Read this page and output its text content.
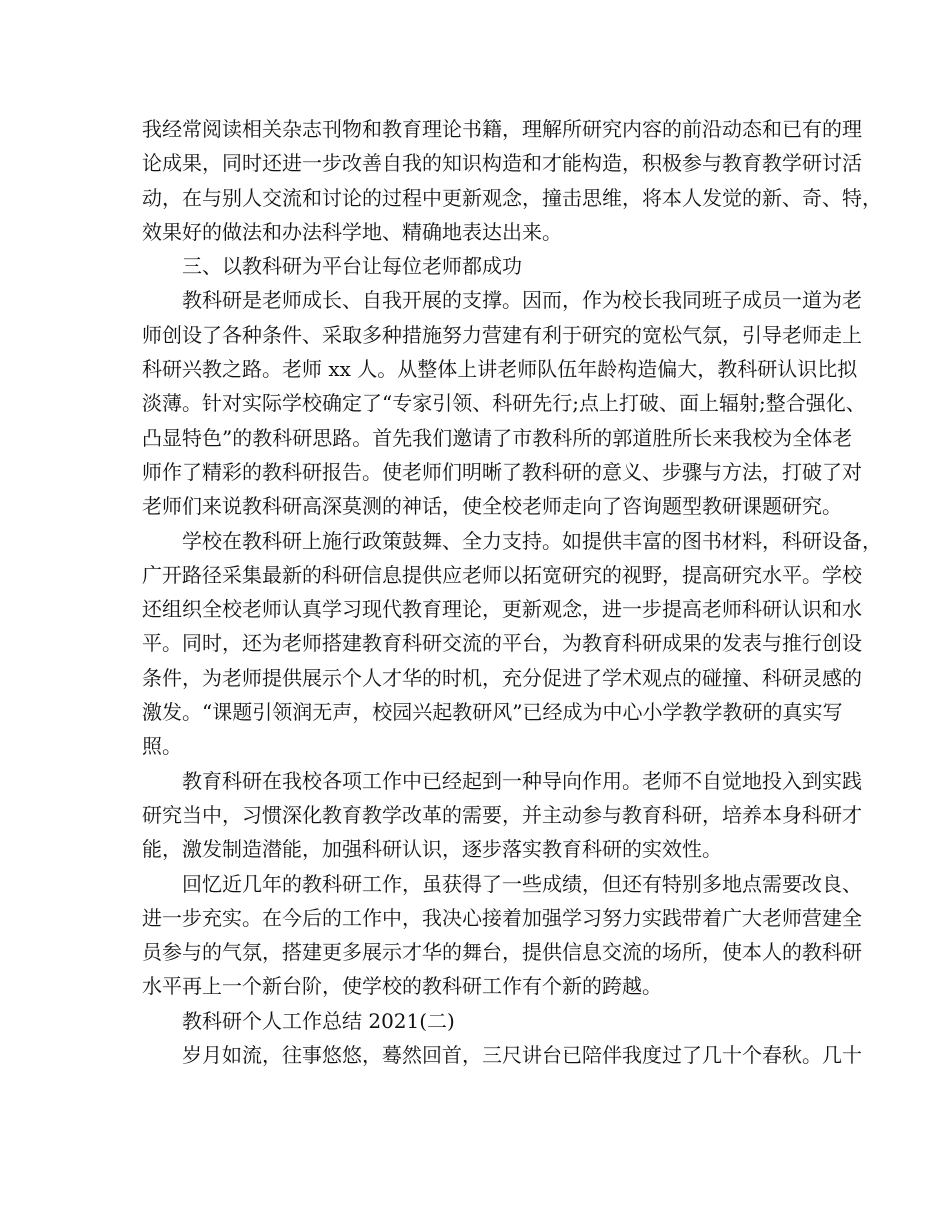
我经常阅读相关杂志刊物和教育理论书籍，理解所研究内容的前沿动态和已有的理
论成果，同时还进一步改善自我的知识构造和才能构造，积极参与教育教学研讨活
动，在与别人交流和讨论的过程中更新观念，撞击思维，将本人发觉的新、奇、特，
效果好的做法和办法科学地、精确地表达出来。
三、以教科研为平台让每位老师都成功
教科研是老师成长、自我开展的支撑。因而，作为校长我同班子成员一道为老
师创设了各种条件、采取多种措施努力营建有利于研究的宽松气氛，引导老师走上
科研兴教之路。老师 xx 人。从整体上讲老师队伍年龄构造偏大，教科研认识比拟
淡薄。针对实际学校确定了“专家引领、科研先行;点上打破、面上辐射;整合强化、
凸显特色”的教科研思路。首先我们邀请了市教科所的郭道胜所长来我校为全体老
师作了精彩的教科研报告。使老师们明晰了教科研的意义、步骤与方法，打破了对
老师们来说教科研高深莫测的神话，使全校老师走向了咨询题型教研课题研究。
学校在教科研上施行政策鼓舞、全力支持。如提供丰富的图书材料，科研设备，
广开路径采集最新的科研信息提供应老师以拓宽研究的视野，提高研究水平。学校
还组织全校老师认真学习现代教育理论，更新观念，进一步提高老师科研认识和水
平。同时，还为老师搭建教育科研交流的平台，为教育科研成果的发表与推行创设
条件，为老师提供展示个人才华的时机，充分促进了学术观点的碰撞、科研灵感的
激发。“课题引领润无声，校园兴起教研风”已经成为中心小学教学教研的真实写
照。
教育科研在我校各项工作中已经起到一种导向作用。老师不自觉地投入到实践
研究当中，习惯深化教育教学改革的需要，并主动参与教育科研，培养本身科研才
能，激发制造潜能，加强科研认识，逐步落实教育科研的实效性。
回忆近几年的教科研工作，虽获得了一些成绩，但还有特别多地点需要改良、
进一步充实。在今后的工作中，我决心接着加强学习努力实践带着广大老师营建全
员参与的气氛，搭建更多展示才华的舞台，提供信息交流的场所，使本人的教科研
水平再上一个新台阶，使学校的教科研工作有个新的跨越。
教科研个人工作总结 2021(二)
岁月如流，往事悠悠，蓦然回首，三尺讲台已陪伴我度过了几十个春秋。几十
